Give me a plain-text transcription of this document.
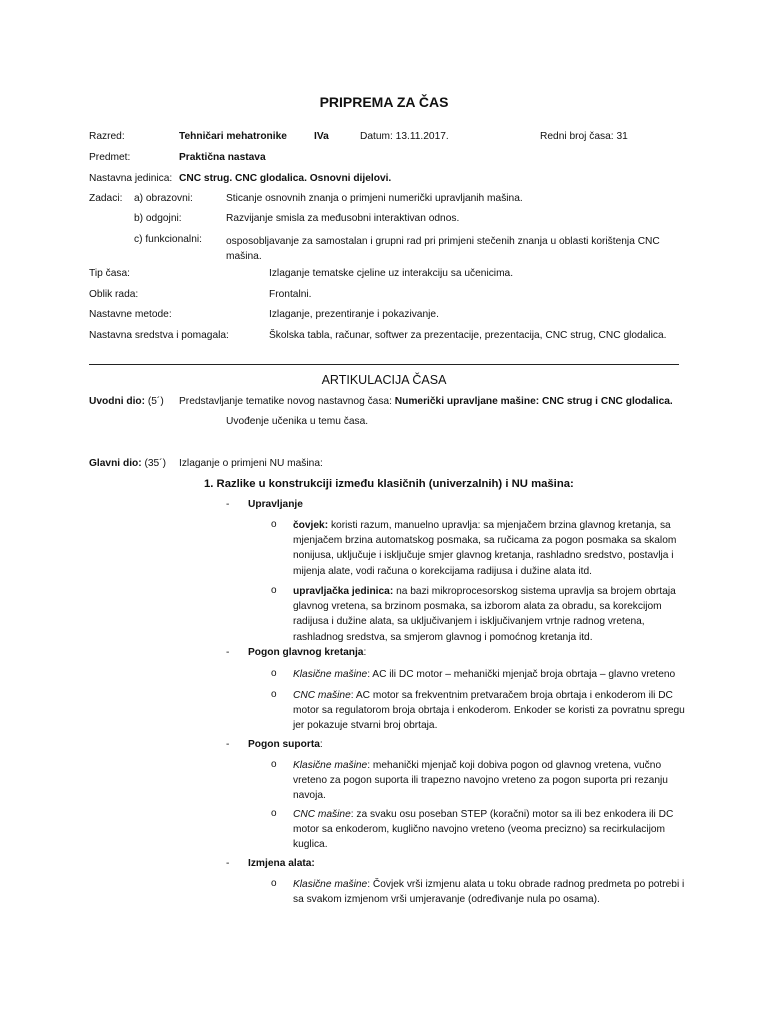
PRIPREMA ZA ČAS
Razred:	Tehničari mehatronike	IVa	Datum: 13.11.2017.	Redni broj časa: 31
Predmet:	Praktična nastava
Nastavna jedinica: CNC strug. CNC glodalica. Osnovni dijelovi.
Zadaci: a) obrazovni:	Sticanje osnovnih znanja o primjeni numerički upravljanih mašina.
b) odgojni:	Razvijanje smisla za međusobni interaktivan odnos.
c) funkcionalni: osposobljavanje za samostalan i grupni rad pri primjeni stečenih znanja u oblasti korištenja CNC mašina.
Tip časa:	Izlaganje tematske cjeline uz interakciju sa učenicima.
Oblik rada:	Frontalni.
Nastavne metode:	Izlaganje, prezentiranje i pokazivanje.
Nastavna sredstva i pomagala:	Školska tabla, računar, softwer za prezentacije, prezentacija, CNC strug, CNC glodalica.
ARTIKULACIJA ČASA
Uvodni dio: (5´) Predstavljanje tematike novog nastavnog časa: Numerički upravljane mašine: CNC strug i CNC glodalica.
Uvođenje učenika u temu časa.
Glavni dio: (35´) Izlaganje o primjeni NU mašina:
1. Razlike u konstrukciji između klasičnih (univerzalnih) i NU mašina:
- Upravljanje
o čovjek: koristi razum, manuelno upravlja: sa mjenjačem brzina glavnog kretanja, sa mjenjačem brzina automatskog posmaka, sa ručicama za pogon posmaka sa skalom nonijusa, uključuje i isključuje smjer glavnog kretanja, rashladno sredstvo, postavlja i mijenja alate, vodi računa o korekcijama radijusa i dužine alata itd.
o upravljačka jedinica: na bazi mikroprocesorskog sistema upravlja sa brojem obrtaja glavnog vretena, sa brzinom posmaka, sa izborom alata za obradu, sa korekcijom radijusa i dužine alata, sa uključivanjem i isključivanjem vrtnje radnog vretena, rashladnog sredstva, sa smjerom glavnog i pomoćnog kretanja itd.
- Pogon glavnog kretanja:
o Klasične mašine: AC ili DC motor – mehanički mjenjač broja obrtaja – glavno vreteno
o CNC mašine: AC motor sa frekventnim pretvaračem broja obrtaja i enkoderom ili DC motor sa regulatorom broja obrtaja i enkoderom. Enkoder se koristi za povratnu spregu jer pokazuje stvarni broj obrtaja.
- Pogon suporta:
o Klasične mašine: mehanički mjenjač koji dobiva pogon od glavnog vretena, vučno vreteno za pogon suporta ili trapezno navojno vreteno za pogon suporta pri rezanju navoja.
o CNC mašine: za svaku osu poseban STEP (koračni) motor sa ili bez enkodera ili DC motor sa enkoderom, kuglično navojno vreteno (veoma precizno) sa recirkulacijom kuglica.
- Izmjena alata:
o Klasične mašine: Čovjek vrši izmjenu alata u toku obrade radnog predmeta po potrebi i sa svakom izmjenom vrši umjeravanje (određivanje nula po osama).
